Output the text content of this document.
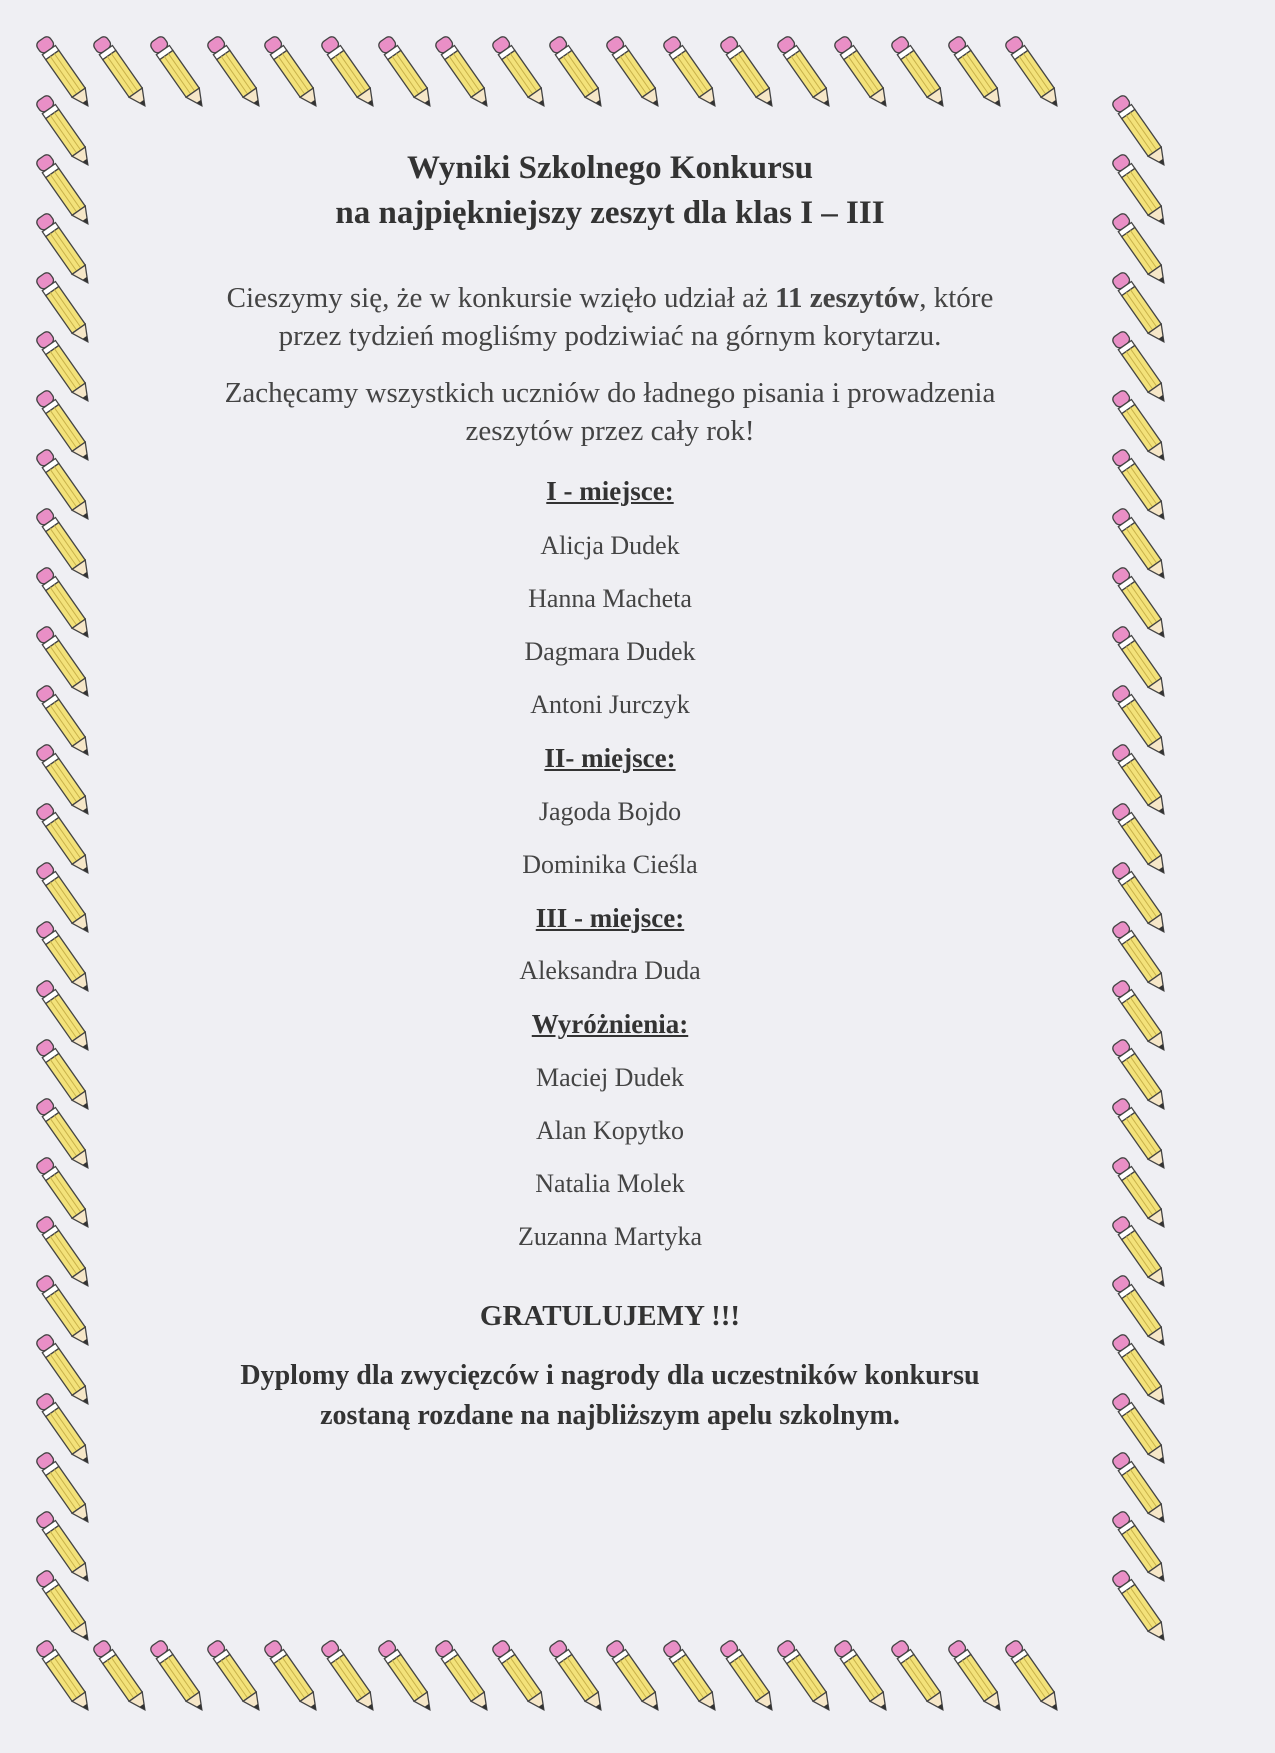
Wyniki Szkolnego Konkursu
na najpiękniejszy zeszyt dla klas I – III
Cieszymy się, że w konkursie wzięło udział aż 11 zeszytów, które
przez tydzień mogliśmy podziwiać na górnym korytarzu.
Zachęcamy wszystkich uczniów do ładnego pisania i prowadzenia
zeszytów przez cały rok!
I - miejsce:
Alicja Dudek
Hanna Macheta
Dagmara Dudek
Antoni Jurczyk
II- miejsce:
Jagoda Bojdo
Dominika Cieśla
III - miejsce:
Aleksandra Duda
Wyróżnienia:
Maciej Dudek
Alan Kopytko
Natalia Molek
Zuzanna Martyka
GRATULUJEMY !!!
Dyplomy dla zwycięzców i nagrody dla uczestników konkursu
zostaną rozdane na najbliższym apelu szkolnym.
